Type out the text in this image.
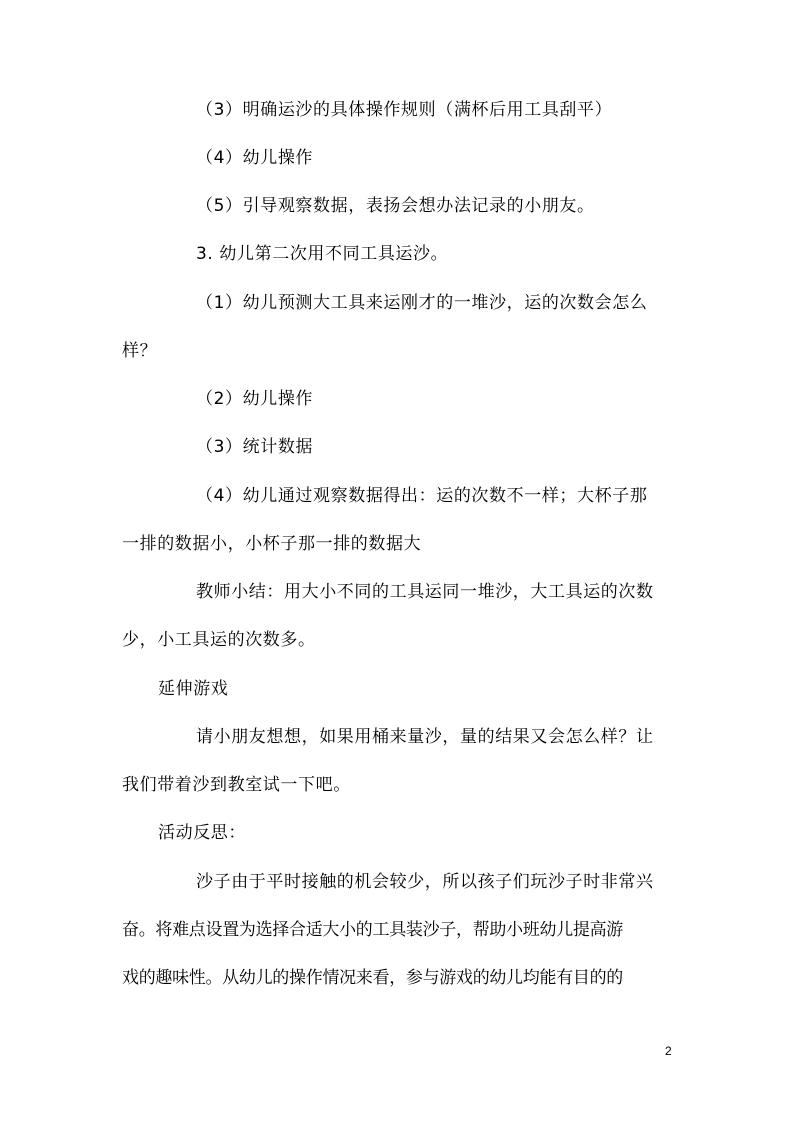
（3）明确运沙的具体操作规则（满杯后用工具刮平）
（4）幼儿操作
（5）引导观察数据，表扬会想办法记录的小朋友。
3. 幼儿第二次用不同工具运沙。
（1）幼儿预测大工具来运刚才的一堆沙，运的次数会怎么
样？
（2）幼儿操作
（3）统计数据
（4）幼儿通过观察数据得出：运的次数不一样；大杯子那
一排的数据小，小杯子那一排的数据大
教师小结：用大小不同的工具运同一堆沙，大工具运的次数
少，小工具运的次数多。
延伸游戏
请小朋友想想，如果用桶来量沙，量的结果又会怎么样？让
我们带着沙到教室试一下吧。
活动反思：
沙子由于平时接触的机会较少，所以孩子们玩沙子时非常兴
奋。将难点设置为选择合适大小的工具装沙子，帮助小班幼儿提高游
戏的趣味性。从幼儿的操作情况来看，参与游戏的幼儿均能有目的的
2
